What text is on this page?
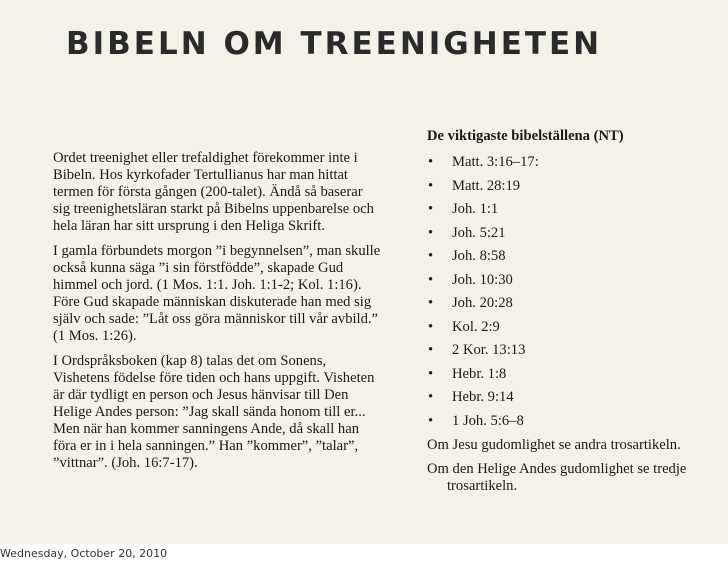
BIBELN OM TREENIGHETEN

Ordet treenighet eller trefaldighet förekommer inte i Bibeln. Hos kyrkofader Tertullianus har man hittat termen för första gången (200-talet). Ändå så baserar sig treenighetsläran starkt på Bibelns uppenbarelse och hela läran har sitt ursprung i den Heliga Skrift.

I gamla förbundets morgon ”i begynnelsen”, man skulle också kunna säga ”i sin förstfödde”, skapade Gud himmel och jord. (1 Mos. 1:1. Joh. 1:1-2; Kol. 1:16). Före Gud skapade människan diskuterade han med sig själv och sade: ”Låt oss göra människor till vår avbild.” (1 Mos. 1:26).

I Ordspråksboken (kap 8) talas det om Sonens, Vishetens födelse före tiden och hans uppgift. Visheten är där tydligt en person och Jesus hänvisar till Den Helige Andes person: ”Jag skall sända honom till er... Men när han kommer sanningens Ande, då skall han föra er in i hela sanningen.” Han ”kommer”, ”talar”, ”vittnar”. (Joh. 16:7-17).

De viktigaste bibelställena (NT)
• Matt. 3:16–17:
• Matt. 28:19
• Joh. 1:1
• Joh. 5:21
• Joh. 8:58
• Joh. 10:30
• Joh. 20:28
• Kol. 2:9
• 2 Kor. 13:13
• Hebr. 1:8
• Hebr. 9:14
• 1 Joh. 5:6–8
Om Jesu gudomlighet se andra trosartikeln.
Om den Helige Andes gudomlighet se tredje trosartikeln.
Wednesday, October 20, 2010
